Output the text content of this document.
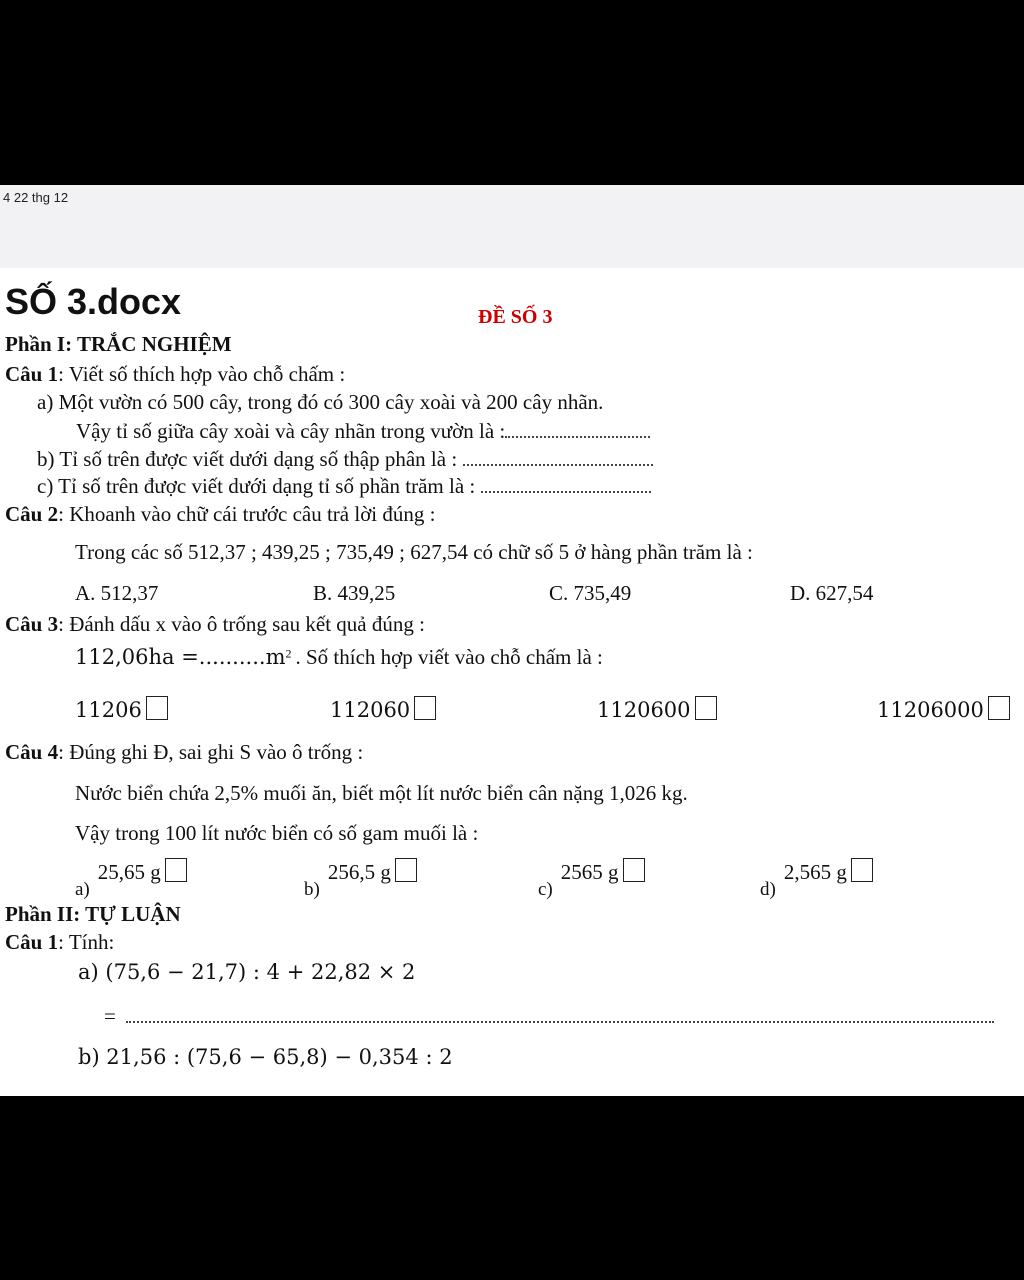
4 22 thg 12
SỐ 3.docx	ĐỀ SỐ 3
Phần I: TRẮC NGHIỆM
Câu 1: Viết số thích hợp vào chỗ chấm :
a) Một vườn có 500 cây, trong đó có 300 cây xoài và 200 cây nhãn.
Vậy tỉ số giữa cây xoài và cây nhãn trong vườn là :
b) Tỉ số trên được viết dưới dạng số thập phân là :
c) Tỉ số trên được viết dưới dạng tỉ số phần trăm là :
Câu 2: Khoanh vào chữ cái trước câu trả lời đúng :
Trong các số 512,37 ; 439,25 ; 735,49 ; 627,54 có chữ số 5 ở hàng phần trăm là :
A. 512,37	B. 439,25	C. 735,49	D. 627,54
Câu 3: Đánh dấu x vào ô trống sau kết quả đúng :
$112,06ha =..........m^2$ . Số thích hợp viết vào chỗ chấm là :
11206	112060	1120600	11206000
Câu 4: Đúng ghi Đ, sai ghi S vào ô trống :
Nước biển chứa 2,5% muối ăn, biết một lít nước biển cân nặng 1,026 kg.
Vậy trong 100 lít nước biển có số gam muối là :
a)25,65 g
b)256,5 g
c)2565 g
d)2,565 g
Phần II: TỰ LUẬN
Câu 1: Tính:
a) (75,6 − 21,7) : 4 + 22,82 × 2
=
b) 21,56 : (75,6 − 65,8) − 0,354 : 2
